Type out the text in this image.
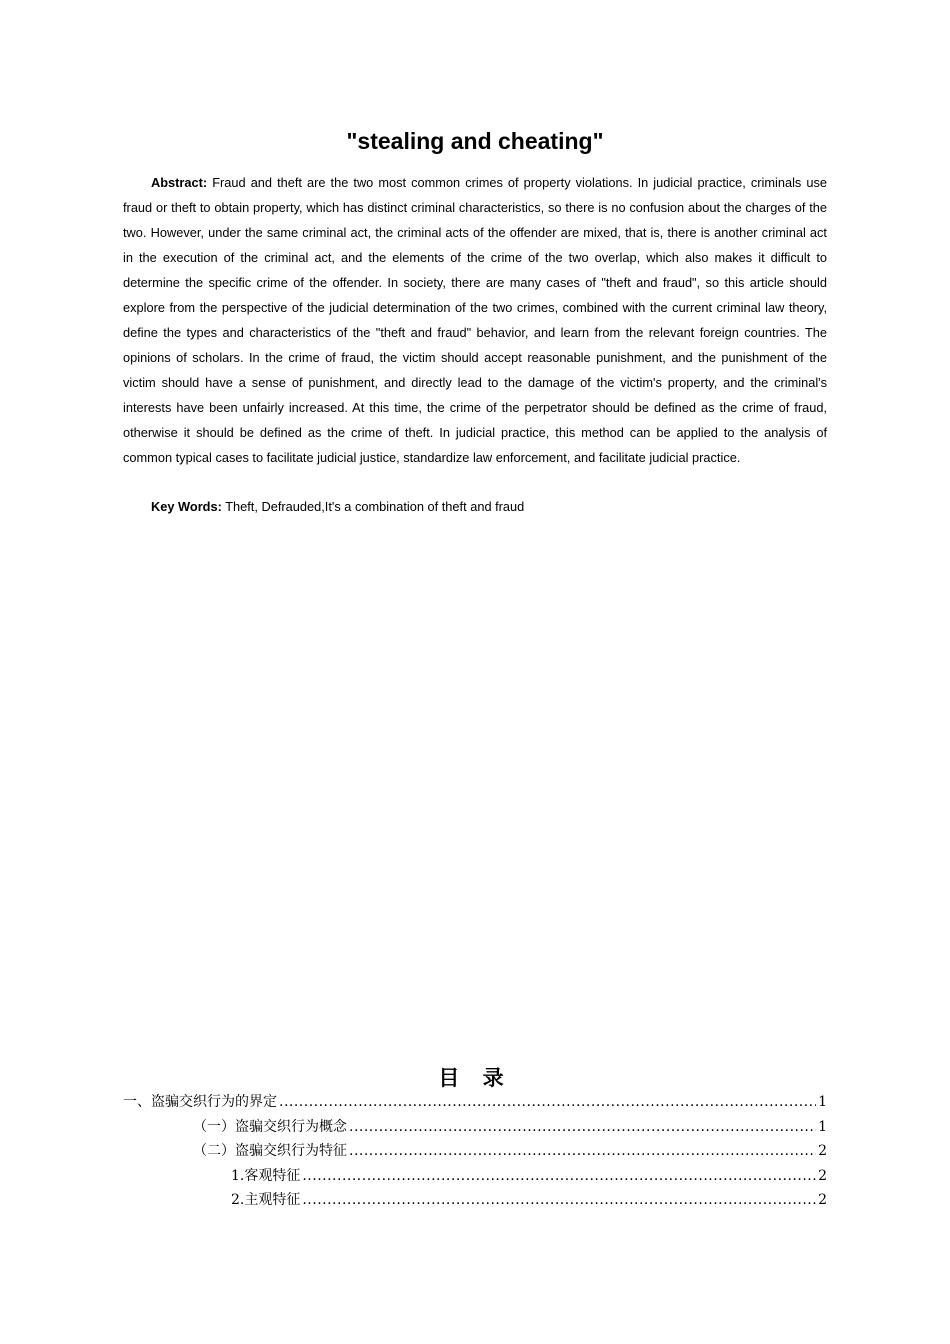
"stealing and cheating"

Abstract: Fraud and theft are the two most common crimes of property violations. In judicial practice, criminals use fraud or theft to obtain property, which has distinct criminal characteristics, so there is no confusion about the charges of the two. However, under the same criminal act, the criminal acts of the offender are mixed, that is, there is another criminal act in the execution of the criminal act, and the elements of the crime of the two overlap, which also makes it difficult to determine the specific crime of the offender. In society, there are many cases of "theft and fraud", so this article should explore from the perspective of the judicial determination of the two crimes, combined with the current criminal law theory, define the types and characteristics of the "theft and fraud" behavior, and learn from the relevant foreign countries. The opinions of scholars. In the crime of fraud, the victim should accept reasonable punishment, and the punishment of the victim should have a sense of punishment, and directly lead to the damage of the victim's property, and the criminal's interests have been unfairly increased. At this time, the crime of the perpetrator should be defined as the crime of fraud, otherwise it should be defined as the crime of theft. In judicial practice, this method can be applied to the analysis of common typical cases to facilitate judicial justice, standardize law enforcement, and facilitate judicial practice.

Key Words: Theft, Defrauded,It's a combination of theft and fraud

目 录
一、盗骗交织行为的界定 .....	1
（一）盗骗交织行为概念 .....	1
（二）盗骗交织行为特征 .....	2
1.客观特征 .....	2
2.主观特征 .....	2
